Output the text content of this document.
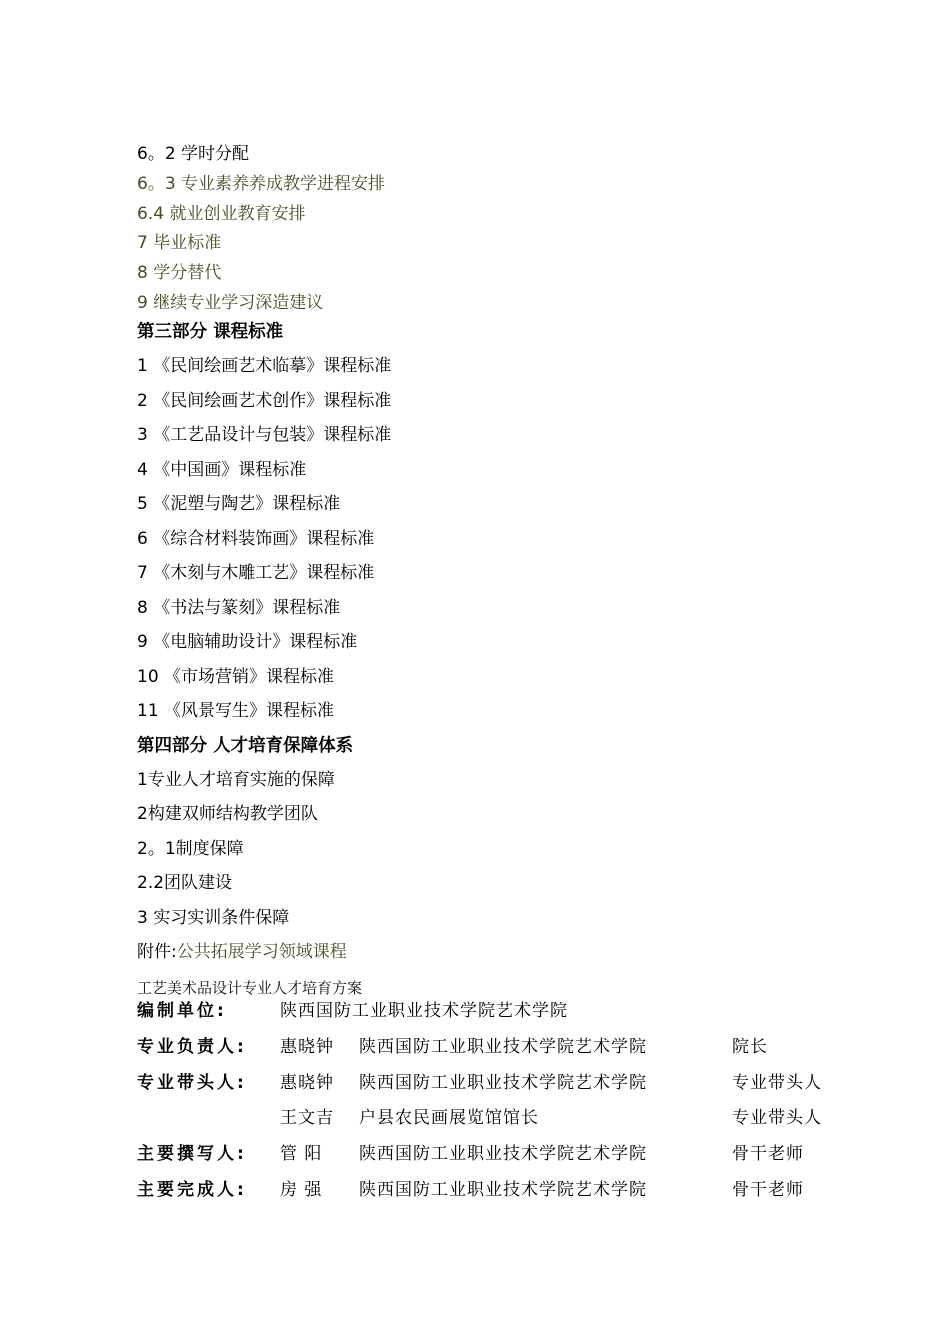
6。2 学时分配
6。3 专业素养养成教学进程安排
6.4 就业创业教育安排
7 毕业标准
8 学分替代
9 继续专业学习深造建议
第三部分 课程标准
1 《民间绘画艺术临摹》课程标准
2 《民间绘画艺术创作》课程标准
3 《工艺品设计与包装》课程标准
4 《中国画》课程标准
5 《泥塑与陶艺》课程标准
6 《综合材料装饰画》课程标准
7 《木刻与木雕工艺》课程标准
8 《书法与篆刻》课程标准
9 《电脑辅助设计》课程标准
10 《市场营销》课程标准
11 《风景写生》课程标准
第四部分 人才培育保障体系
1专业人才培育实施的保障
2构建双师结构教学团队
2。1制度保障
2.2团队建设
3 实习实训条件保障
附件:公共拓展学习领域课程
工艺美术品设计专业人才培育方案
编制单位:	陕西国防工业职业技术学院艺术学院
专业负责人: 惠晓钟 陕西国防工业职业技术学院艺术学院	院长
专业带头人: 惠晓钟 陕西国防工业职业技术学院艺术学院	专业带头人
王文吉 户县农民画展览馆馆长	专业带头人
主要撰写人: 管 阳 陕西国防工业职业技术学院艺术学院	骨干老师
主要完成人: 房 强 陕西国防工业职业技术学院艺术学院	骨干老师
